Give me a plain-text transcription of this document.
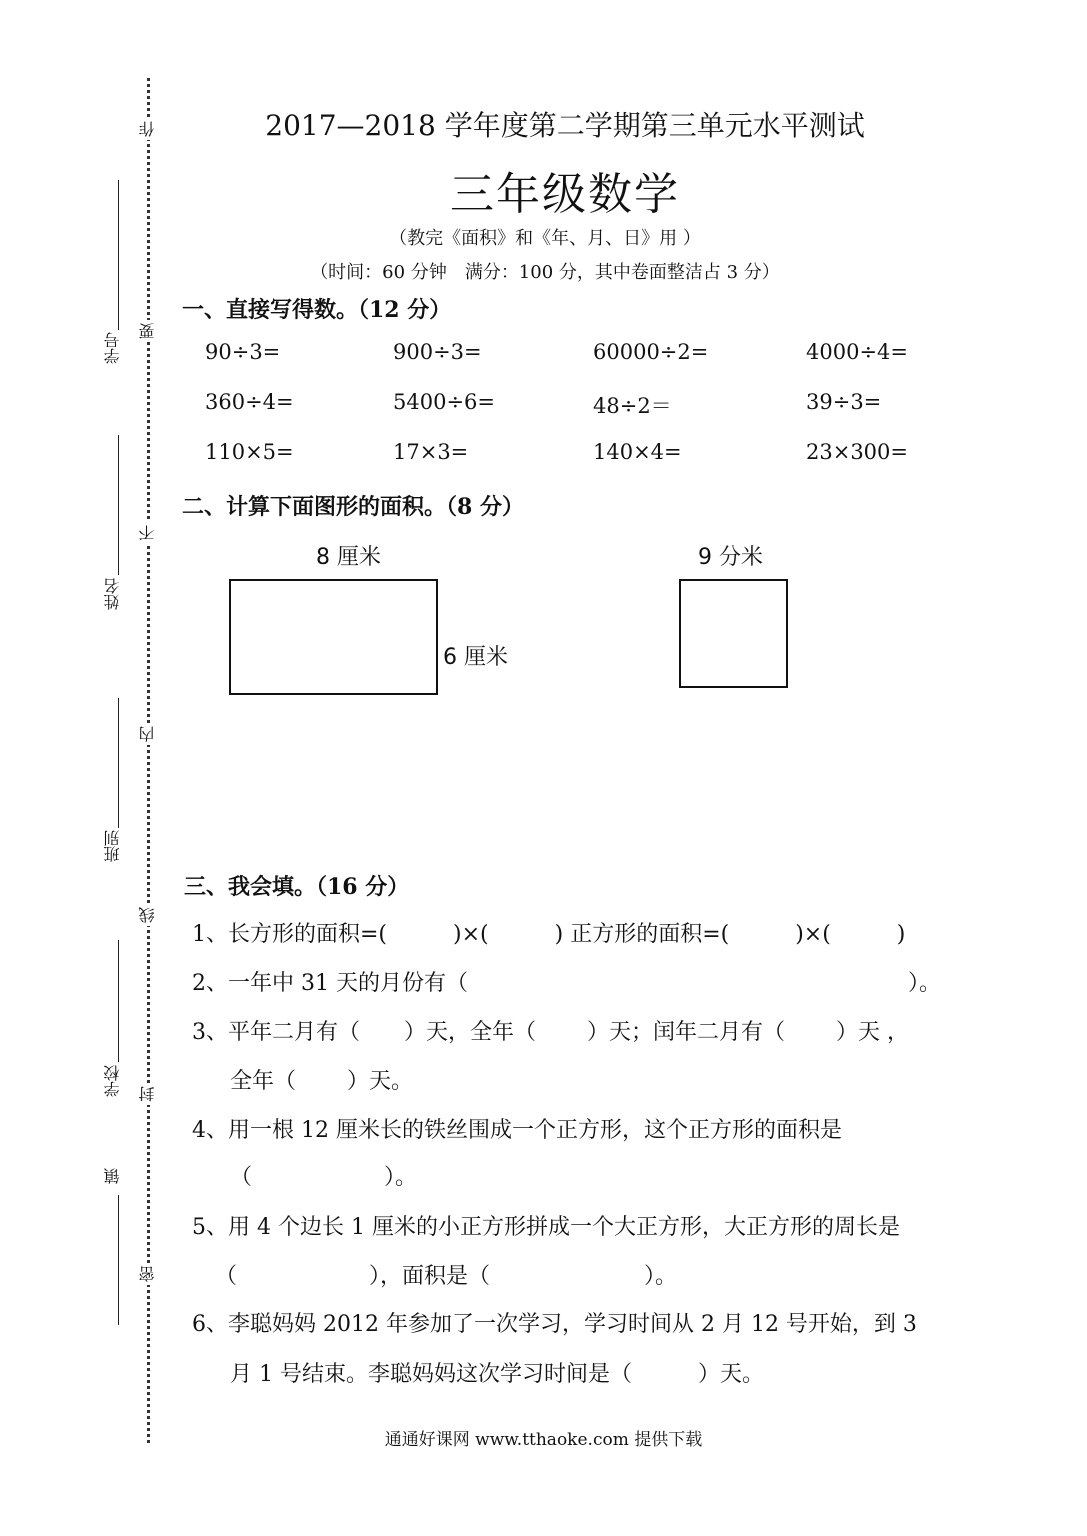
作
要
不
内
线
封
密
学号
姓名
班别
学校
镇
2017—2018 学年度第二学期第三单元水平测试
三年级数学
（教完《面积》和《年、月、日》用 ）
（时间：60 分钟　满分：100 分，其中卷面整洁占 3 分）
一、直接写得数。（12 分）
90÷3=	900÷3=	60000÷2=	4000÷4=
360÷4=	5400÷6=	48÷2＝	39÷3=
110×5=	17×3=	140×4=	23×300=
二、计算下面图形的面积。（8 分）
8 厘米
6 厘米
9 分米
三、我会填。（16 分）
1、长方形的面积=(　　　)×(　　　) 正方形的面积=(　　　)×(　　　)
2、一年中 31 天的月份有（　　　　　　　　　　　　　　　　　　　　）。
3、平年二月有（　　）天，全年（　　 ）天；闰年二月有（　　 ）天 ，
全年（　　 ）天。
4、用一根 12 厘米长的铁丝围成一个正方形，这个正方形的面积是
（　　　　　　）。
5、用 4 个边长 1 厘米的小正方形拼成一个大正方形，大正方形的周长是
（　　　　　　），面积是（　　　　　　　）。
6、李聪妈妈 2012 年参加了一次学习，学习时间从 2 月 12 号开始，到 3
月 1 号结束。李聪妈妈这次学习时间是（　　　）天。
通通好课网 www.tthaoke.com 提供下载
